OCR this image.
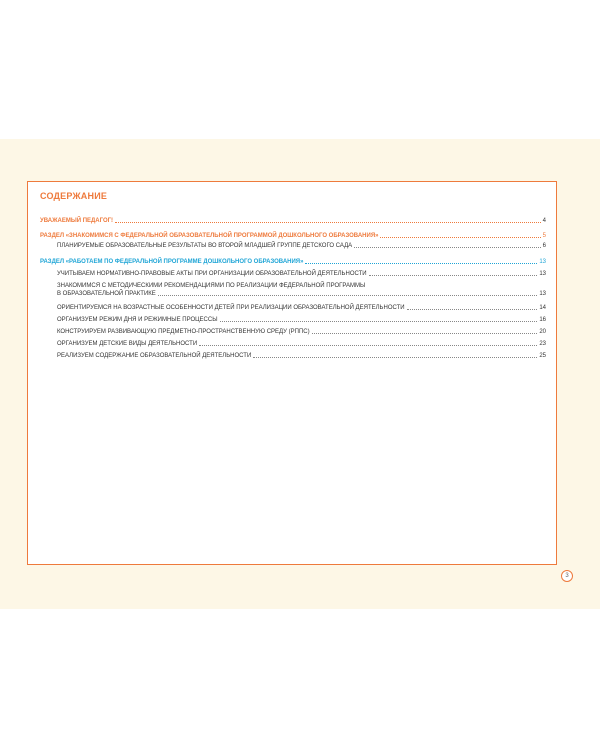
СОДЕРЖАНИЕ
УВАЖАЕМЫЙ ПЕДАГОГ!	4
РАЗДЕЛ «ЗНАКОМИМСЯ С ФЕДЕРАЛЬНОЙ ОБРАЗОВАТЕЛЬНОЙ ПРОГРАММОЙ ДОШКОЛЬНОГО ОБРАЗОВАНИЯ»	5
ПЛАНИРУЕМЫЕ ОБРАЗОВАТЕЛЬНЫЕ РЕЗУЛЬТАТЫ ВО ВТОРОЙ МЛАДШЕЙ ГРУППЕ ДЕТСКОГО САДА	6
РАЗДЕЛ «РАБОТАЕМ ПО ФЕДЕРАЛЬНОЙ ПРОГРАММЕ ДОШКОЛЬНОГО ОБРАЗОВАНИЯ»	13
УЧИТЫВАЕМ НОРМАТИВНО-ПРАВОВЫЕ АКТЫ ПРИ ОРГАНИЗАЦИИ ОБРАЗОВАТЕЛЬНОЙ ДЕЯТЕЛЬНОСТИ	13
ЗНАКОМИМСЯ С МЕТОДИЧЕСКИМИ РЕКОМЕНДАЦИЯМИ ПО РЕАЛИЗАЦИИ ФЕДЕРАЛЬНОЙ ПРОГРАММЫ
В ОБРАЗОВАТЕЛЬНОЙ ПРАКТИКЕ	13
ОРИЕНТИРУЕМСЯ НА ВОЗРАСТНЫЕ ОСОБЕННОСТИ ДЕТЕЙ ПРИ РЕАЛИЗАЦИИ ОБРАЗОВАТЕЛЬНОЙ ДЕЯТЕЛЬНОСТИ	14
ОРГАНИЗУЕМ РЕЖИМ ДНЯ И РЕЖИМНЫЕ ПРОЦЕССЫ	16
КОНСТРУИРУЕМ РАЗВИВАЮЩУЮ ПРЕДМЕТНО-ПРОСТРАНСТВЕННУЮ СРЕДУ (РППС)	20
ОРГАНИЗУЕМ ДЕТСКИЕ ВИДЫ ДЕЯТЕЛЬНОСТИ	23
РЕАЛИЗУЕМ СОДЕРЖАНИЕ ОБРАЗОВАТЕЛЬНОЙ ДЕЯТЕЛЬНОСТИ	25
3
